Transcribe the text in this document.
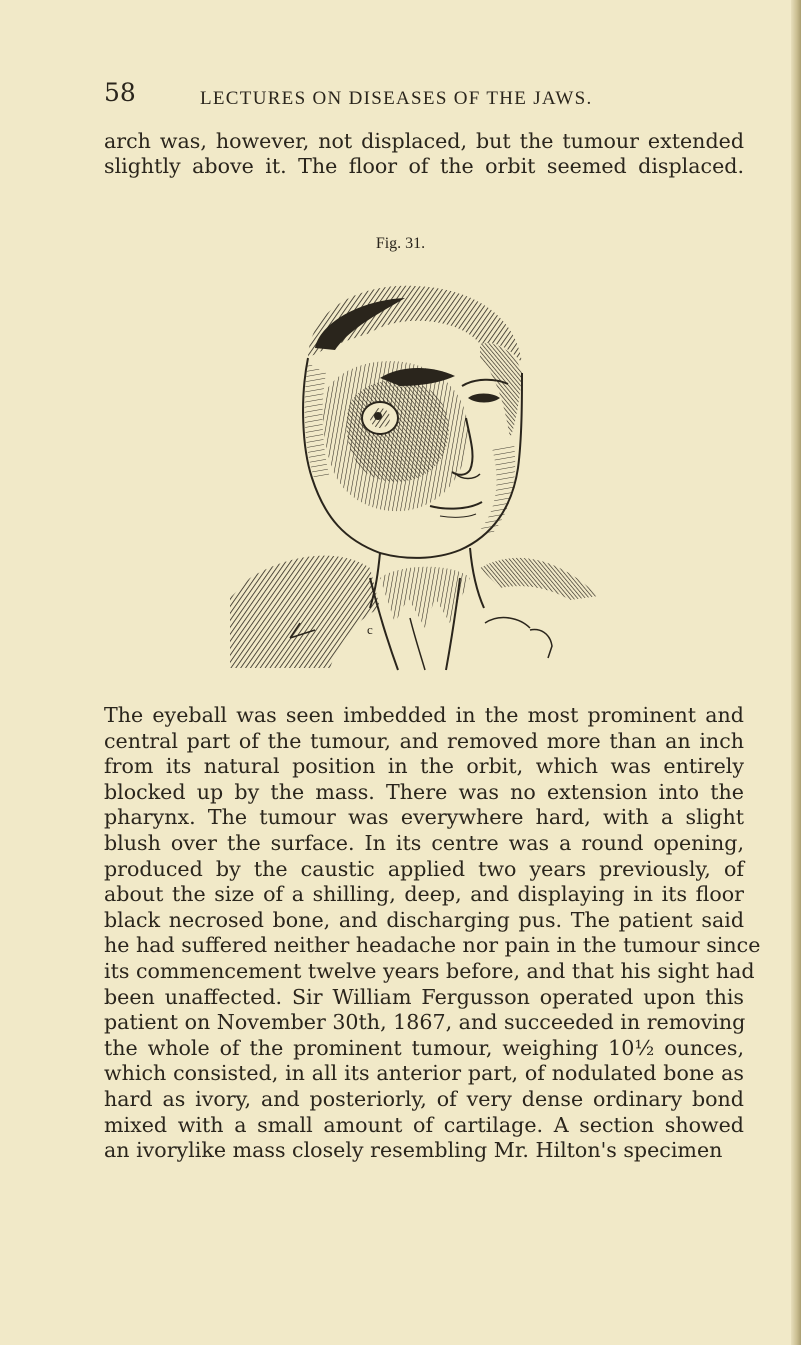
58	LECTURES ON DISEASES OF THE JAWS.

arch was, however, not displaced, but the tumour extended
slightly above it. The floor of the orbit seemed displaced.

Fig. 31.
c

The eyeball was seen imbedded in the most prominent and
central part of the tumour, and removed more than an inch
from its natural position in the orbit, which was entirely
blocked up by the mass. There was no extension into the
pharynx. The tumour was everywhere hard, with a slight
blush over the surface. In its centre was a round opening,
produced by the caustic applied two years previously, of
about the size of a shilling, deep, and displaying in its floor
black necrosed bone, and discharging pus. The patient said
he had suffered neither headache nor pain in the tumour since
its commencement twelve years before, and that his sight had
been unaffected. Sir William Fergusson operated upon this
patient on November 30th, 1867, and succeeded in removing
the whole of the prominent tumour, weighing 10½ ounces,
which consisted, in all its anterior part, of nodulated bone as
hard as ivory, and posteriorly, of very dense ordinary bond
mixed with a small amount of cartilage. A section showed
an ivorylike mass closely resembling Mr. Hilton's specimen
